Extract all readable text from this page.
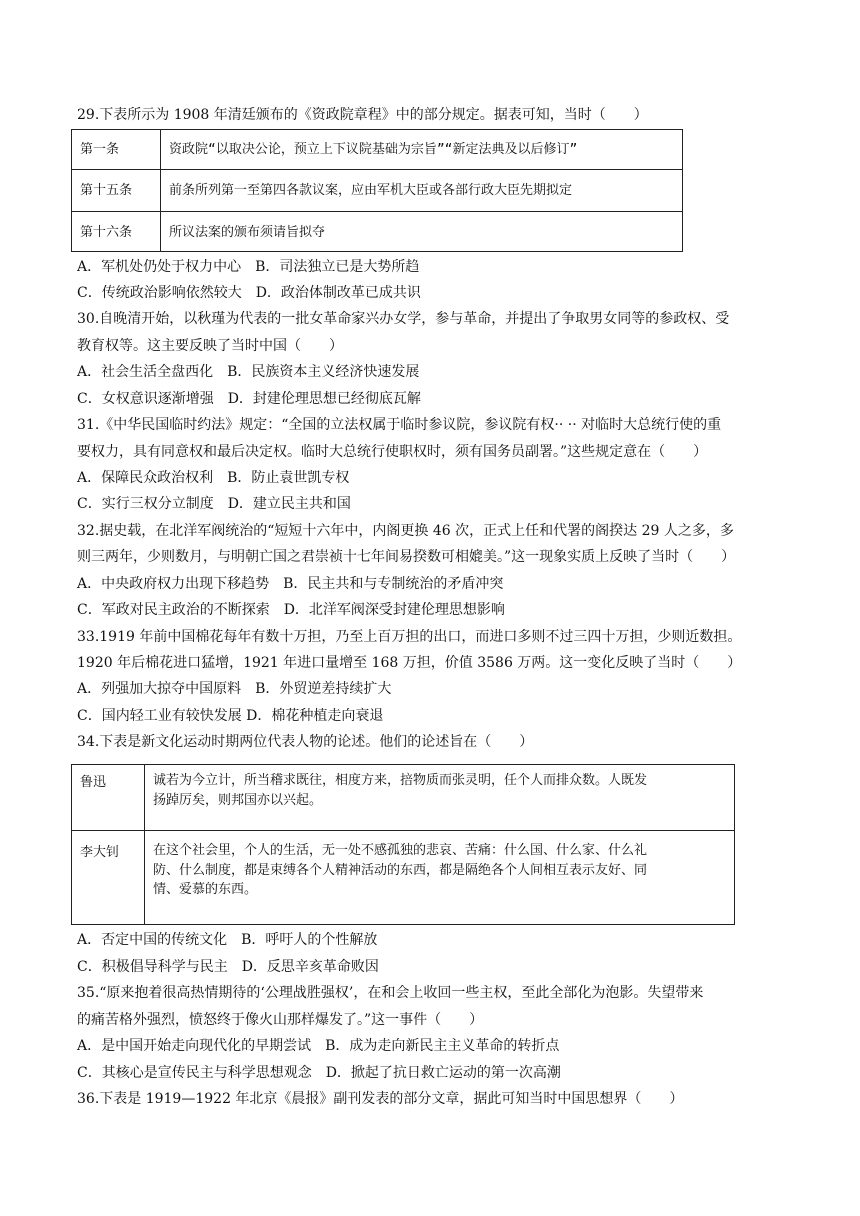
29.下表所示为 1908 年清廷颁布的《资政院章程》中的部分规定。据表可知，当时（　　）
第一条	资政院“以取决公论，预立上下议院基础为宗旨”“新定法典及以后修订”
第十五条	前条所列第一至第四各款议案，应由军机大臣或各部行政大臣先期拟定
第十六条	所议法案的颁布须请旨拟夺
A．军机处仍处于权力中心　B．司法独立已是大势所趋
C．传统政治影响依然较大　D．政治体制改革已成共识
30.自晚清开始，以秋瑾为代表的一批女革命家兴办女学，参与革命，并提出了争取男女同等的参政权、受
教育权等。这主要反映了当时中国（　　）
A．社会生活全盘西化　B．民族资本主义经济快速发展
C．女权意识逐渐增强　D．封建伦理思想已经彻底瓦解
31.《中华民国临时约法》规定：“全国的立法权属于临时参议院，参议院有权·· ·· 对临时大总统行使的重
要权力，具有同意权和最后决定权。临时大总统行使职权时，须有国务员副署。”这些规定意在（　　）
A．保障民众政治权利　B．防止袁世凯专权
C．实行三权分立制度　D．建立民主共和国
32.据史载，在北洋军阀统治的“短短十六年中，内阁更换 46 次，正式上任和代署的阁揆达 29 人之多，多
则三两年，少则数月，与明朝亡国之君崇祯十七年间易揆数可相媲美。”这一现象实质上反映了当时（　　）
A．中央政府权力出现下移趋势　B．民主共和与专制统治的矛盾冲突
C．军政对民主政治的不断探索　D．北洋军阀深受封建伦理思想影响
33.1919 年前中国棉花每年有数十万担，乃至上百万担的出口，而进口多则不过三四十万担，少则近数担。
1920 年后棉花进口猛增，1921 年进口量增至 168 万担，价值 3586 万两。这一变化反映了当时（　　）
A．列强加大掠夺中国原料　B．外贸逆差持续扩大
C．国内轻工业有较快发展 D．棉花种植走向衰退
34.下表是新文化运动时期两位代表人物的论述。他们的论述旨在（　　）
鲁迅	诚若为今立计，所当稽求既往，相度方来，掊物质而张灵明，任个人而排众数。人既发
扬踔厉矣，则邦国亦以兴起。

李大钊	在这个社会里，个人的生活，无一处不感孤独的悲哀、苦痛：什么国、什么家、什么礼
防、什么制度，都是束缚各个人精神活动的东西，都是隔绝各个人间相互表示友好、同
情、爱慕的东西。
A．否定中国的传统文化　B．呼吁人的个性解放
C．积极倡导科学与民主　D．反思辛亥革命败因
35.“原来抱着很高热情期待的‘公理战胜强权’，在和会上收回一些主权，至此全部化为泡影。失望带来
的痛苦格外强烈，愤怒终于像火山那样爆发了。”这一事件（　　）
A．是中国开始走向现代化的早期尝试　B．成为走向新民主主义革命的转折点
C．其核心是宣传民主与科学思想观念　D．掀起了抗日救亡运动的第一次高潮
36.下表是 1919—1922 年北京《晨报》副刊发表的部分文章，据此可知当时中国思想界（　　）
